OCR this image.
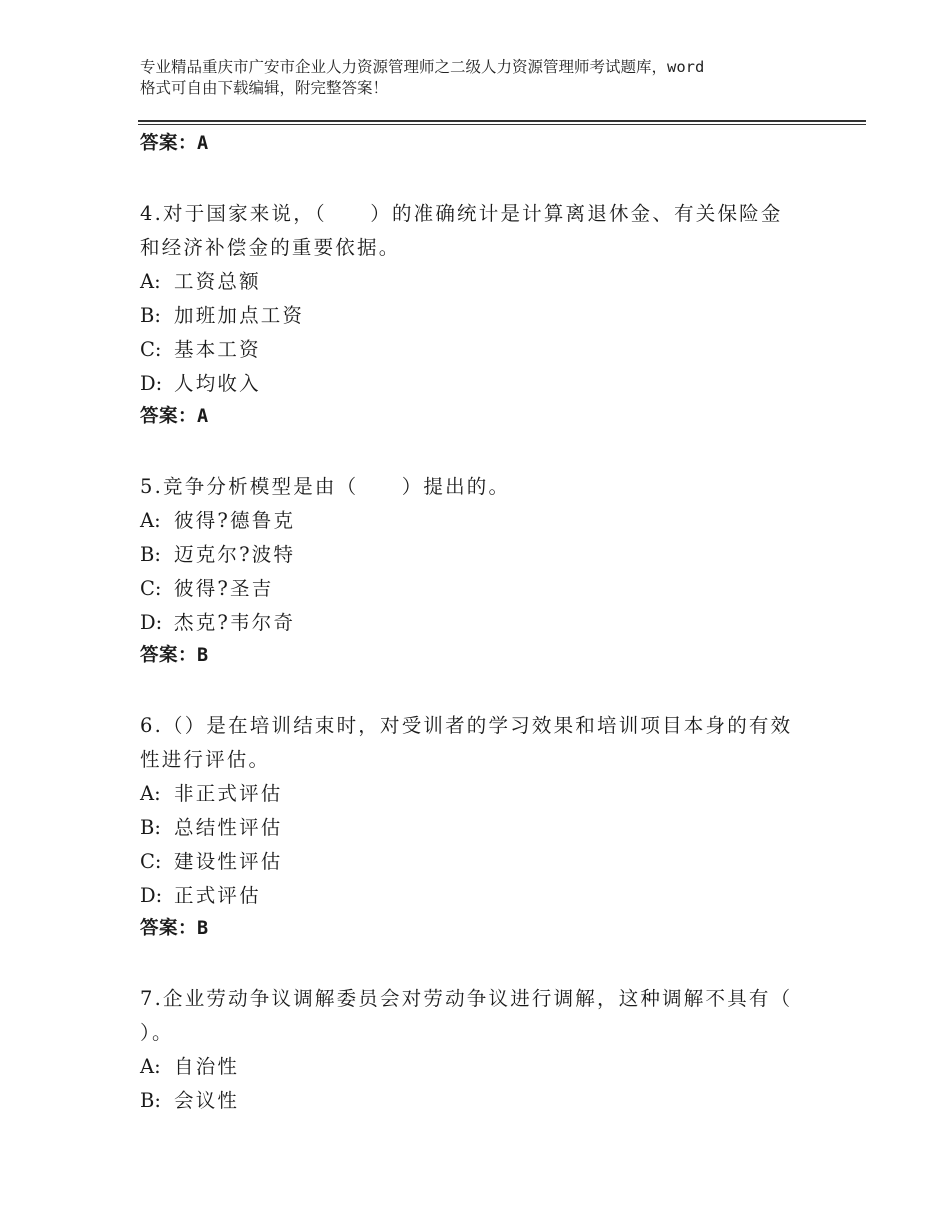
专业精品重庆市广安市企业人力资源管理师之二级人力资源管理师考试题库，word
格式可自由下载编辑，附完整答案！
答案：A
4.对于国家来说，（　　）的准确统计是计算离退休金、有关保险金
和经济补偿金的重要依据。
A: 工资总额
B: 加班加点工资
C: 基本工资
D: 人均收入
答案：A
5.竞争分析模型是由（　　）提出的。
A: 彼得?德鲁克
B: 迈克尔?波特
C: 彼得?圣吉
D: 杰克?韦尔奇
答案：B
6.（）是在培训结束时，对受训者的学习效果和培训项目本身的有效
性进行评估。
A: 非正式评估
B: 总结性评估
C: 建设性评估
D: 正式评估
答案：B
7.企业劳动争议调解委员会对劳动争议进行调解，这种调解不具有（
）。
A: 自治性
B: 会议性
